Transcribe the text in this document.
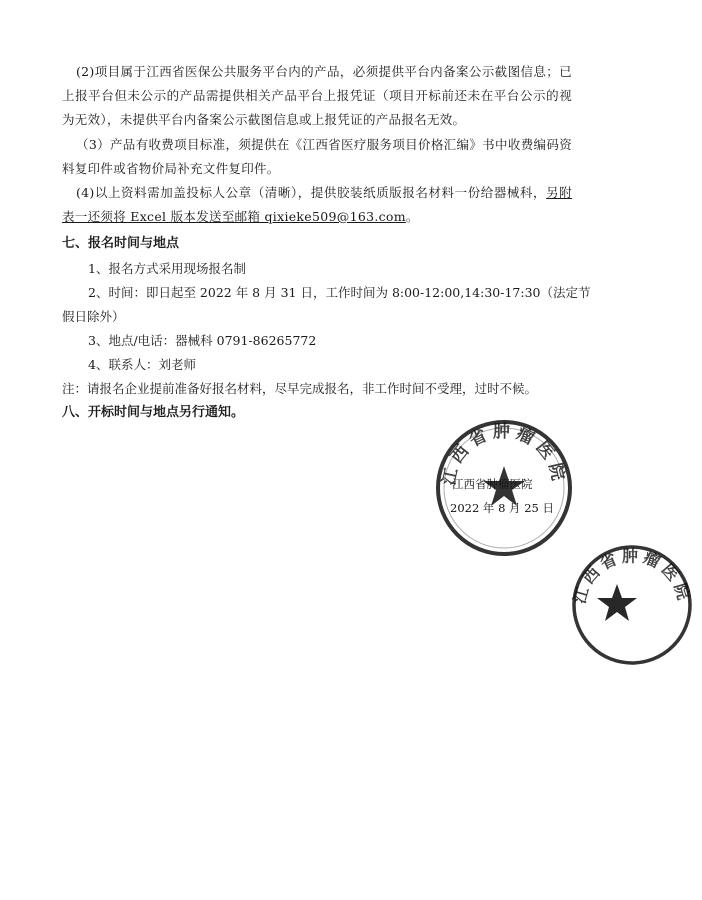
(2)项目属于江西省医保公共服务平台内的产品，必须提供平台内备案公示截图信息；已上报平台但未公示的产品需提供相关产品平台上报凭证（项目开标前还未在平台公示的视为无效），未提供平台内备案公示截图信息或上报凭证的产品报名无效。

（3）产品有收费项目标准，须提供在《江西省医疗服务项目价格汇编》书中收费编码资料复印件或省物价局补充文件复印件。

(4)以上资料需加盖投标人公章（清晰），提供胶装纸质版报名材料一份给器械科，另附表一还须将 Excel 版本发送至邮箱 qixieke509@163.com。

七、报名时间与地点

1、报名方式采用现场报名制

2、时间：即日起至 2022 年 8 月 31 日，工作时间为 8:00-12:00,14:30-17:30（法定节

假日除外）

3、地点/电话：器械科 0791-86265772

4、联系人：刘老师

注：请报名企业提前准备好报名材料，尽早完成报名，非工作时间不受理，过时不候。

八、开标时间与地点另行通知。

江西省肿瘤医院
江西省肿瘤医院
2022 年 8 月 25 日
江西省肿瘤医院
